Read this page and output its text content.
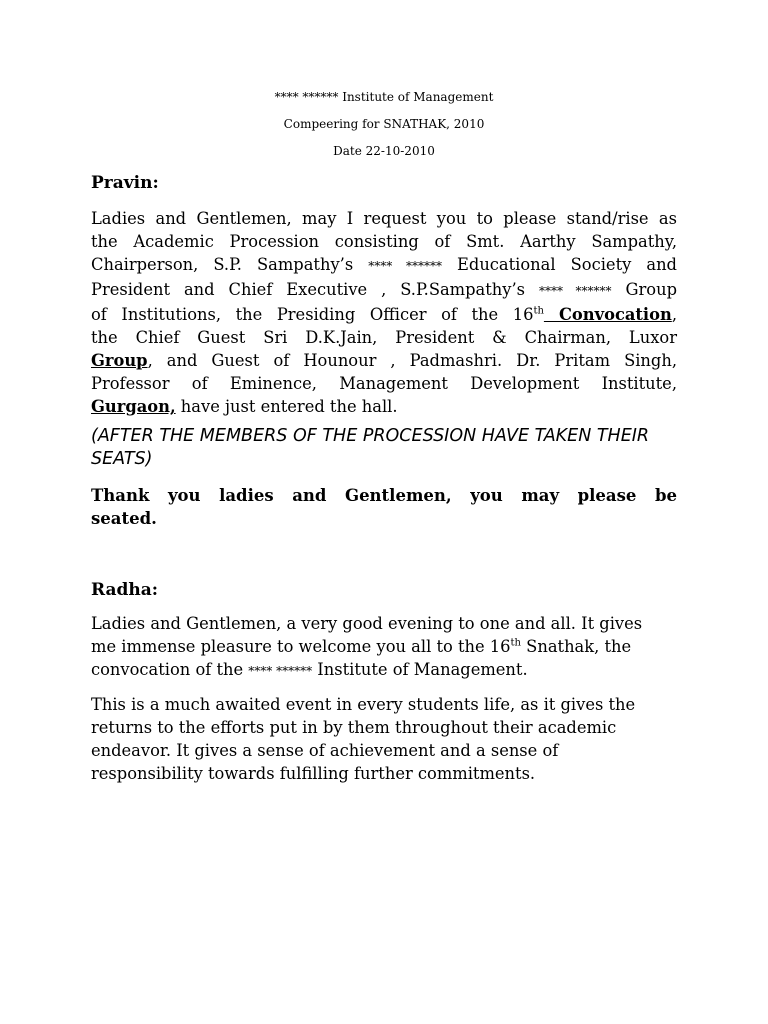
**** ****** Institute of Management
Compeering for SNATHAK, 2010
Date 22-10-2010
Pravin:
Ladies and Gentlemen, may I request you to please stand/rise as
the Academic Procession consisting of Smt. Aarthy Sampathy,
Chairperson, S.P. Sampathy’s **** ****** Educational Society and
President and Chief Executive , S.P.Sampathy’s **** ****** Group
of Institutions, the Presiding Officer of the 16th Convocation,
the Chief Guest Sri D.K.Jain, President & Chairman, Luxor
Group, and Guest of Hounour , Padmashri. Dr. Pritam Singh,
Professor of Eminence, Management Development Institute,
Gurgaon, have just entered the hall.
(AFTER THE MEMBERS OF THE PROCESSION HAVE TAKEN THEIR SEATS)
Thank you ladies and Gentlemen, you may please be
seated.
Radha:
Ladies and Gentlemen, a very good evening to one and all. It gives
me immense pleasure to welcome you all to the 16th Snathak, the
convocation of the **** ****** Institute of Management.
This is a much awaited event in every students life, as it gives the
returns to the efforts put in by them throughout their academic
endeavor. It gives a sense of achievement and a sense of
responsibility towards fulfilling further commitments.
